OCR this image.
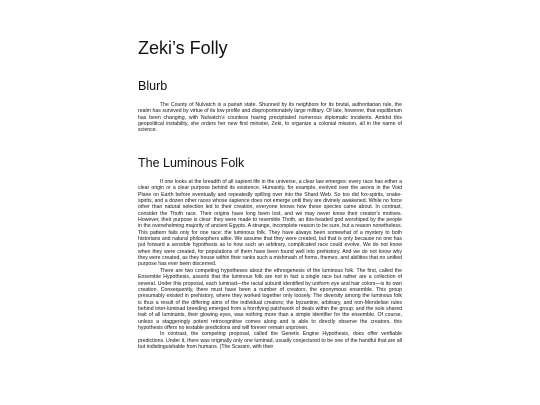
Zeki’s Folly
Blurb

The County of Nulvatch is a pariah state. Shunned by its neighbors for its brutal, authoritarian rule, the realm has survived by virtue of its low profile and disproportionately large military. Of late, however, that equilibrium has been changing, with Nulvatch’s countess having precipitated numerous diplomatic incidents. Amidst this geopolitical instability, she orders her new first minister, Zeki, to organize a colonial mission, all in the name of science.

The Luminous Folk

If one looks at the breadth of all sapient life in the universe, a clear law emerges: every race has either a clear origin or a clear purpose behind its existence. Humanity, for example, evolved over the aeons in the Void Plane on Earth before eventually and repeatedly spilling over into the Shard Web. So too did fox-spirits, snake-spirits, and a dozen other races whose sapience does not emerge until they are divinely awakened. While no force other than natural selection led to their creation, everyone knows how these species came about. In contrast, consider the Thoth race. Their origins have long been lost, and we may never know their creator’s motives. However, their purpose is clear: they were made to resemble Thoth, an ibis-headed god worshiped by the people in the overwhelming majority of ancient Egypts. A strange, incomplete reason to be sure, but a reason nonetheless. This pattern fails only for one race: the luminous folk. They have always been somewhat of a mystery to both historians and natural philosophers alike. We assume that they were created, but that is only because no one has put forward a sensible hypothesis as to how such an arbitrary, complicated race could evolve. We do not know when they were created, for populations of them have been found well into prehistory. And we do not know why they were created, as they house within their ranks such a mishmash of forms, themes, and abilities that no unified purpose has ever been discerned.

There are two competing hypotheses about the ethnogenesis of the luminous folk. The first, called the Ensemble Hypothesis, asserts that the luminous folk are not in fact a single race but rather are a collection of several. Under this proposal, each luminad—the racial subunit identified by uniform eye and hair colors—is its own creation. Consequently, there must have been a number of creators, the eponymous ensemble. This group presumably existed in prehistory, where they worked together only loosely. The diversity among the luminous folk is thus a result of the differing aims of the individual creators; the byzantine, arbitrary, and non-Mendelian rules behind inter-luminad breeding emerged from a horrifying patchwork of deals within the group; and the sole shared trait of all luminants, their glowing eyes, was nothing more than a simple identifier for the ensemble. Of course, unless a staggeringly potent retrocognitive comes along and is able to directly observe the creators, this hypothesis offers no testable predictions and will forever remain unproven.

In contrast, the competing proposal, called the Genetic Engine Hypothesis, does offer verifiable predictions. Under it, there was originally only one luminad, usually conjectured to be one of the handful that are all but indistinguishable from humans. (The Scaram, with their
